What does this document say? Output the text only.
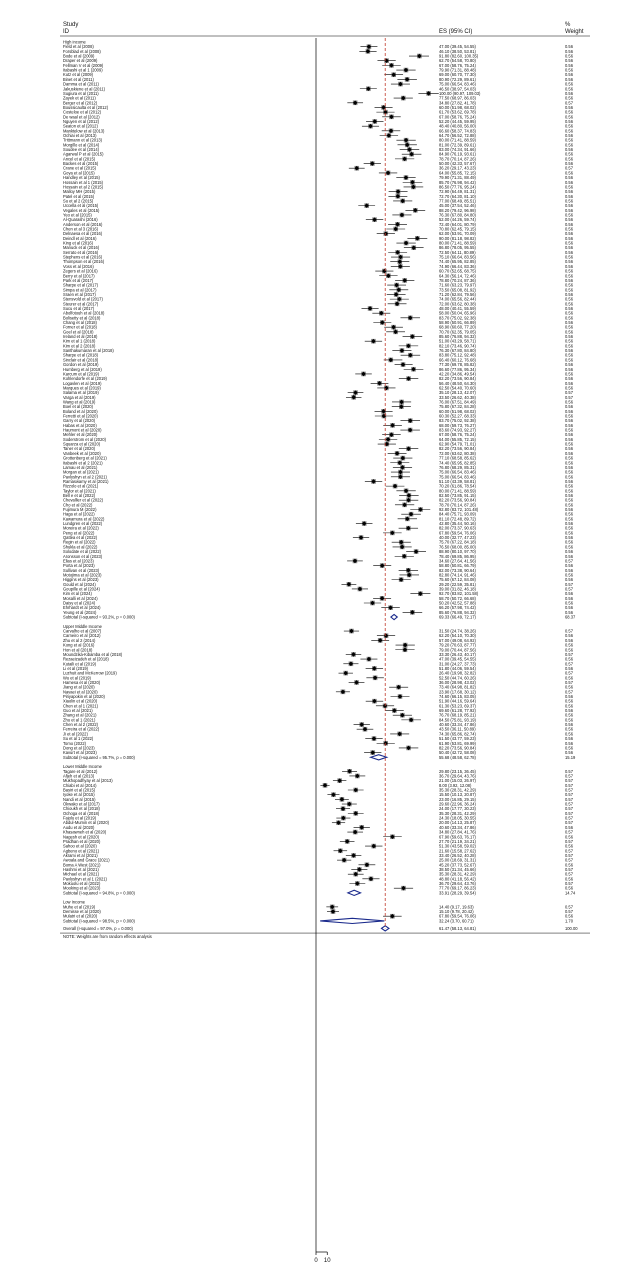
Study
ID	ES (95% CI)
%
Weight
High income
Field et al (2008)	47.00 (39.45, 54.55)	0.56
Forsblad et al (2008)	46.10 (38.50, 53.81)	0.56
Bode et al (2009)	91.80 (82.60, 100.35)	0.56
Draper et al (2009)	62.70 (54.58, 70.80)	0.56
Fellman V et al (2009)	67.00 (58.76, 75.24)	0.56
Itabashi et al 1 (2009)	79.90 (71.31, 88.48)	0.56
Kutz et al (2009)	69.00 (60.70, 77.30)	0.56
Binet et al (2011)	80.90 (72.29, 89.61)	0.56
Damma et al (2011)	75.00 (66.54, 83.46)	0.56
Jakuskiene et al (2011)	46.50 (38.97, 54.03)	0.56
Sugiura et al (2011)	100.00 (90.97, 109.03)	0.56
Zayek et al (2011)	77.50 (68.97, 86.03)	0.56
Berger et al (2012)	34.80 (27.82, 41.78)	0.57
Boussicaulta et al (2012)	60.00 (51.98, 68.02)	0.56
Costeloe et al (2012)	61.70 (53.62, 69.78)	0.56
De waal et al (2012)	67.00 (58.76, 75.24)	0.56
Nguyen et al (2012)	52.20 (44.45, 59.95)	0.56
Seaton et al (2012)	48.40 (40.80, 56.00)	0.56
Manktelow et al (2013)	66.60 (58.37, 74.83)	0.56
Ochiai et al (2013)	64.70 (56.52, 72.88)	0.56
Trittmann et al (2013)	80.00 (71.41, 88.59)	0.56
Morgillo et al (2014)	81.00 (72.39, 89.61)	0.56
Soudee et al (2014)	83.00 (74.34, 91.66)	0.56
Agarwal P et al (2015)	84.90 (76.19, 93.61)	0.56
Ancel et al (2015)	78.70 (70.14, 87.26)	0.56
Backes et al (2015)	50.00 (42.33, 57.67)	0.56
Crane et al (2015)	36.20 (29.17, 43.23)	0.57
Goya et al (2015)	64.00 (55.85, 72.15)	0.56
Handley et al (2015)	79.90 (71.31, 88.49)	0.56
Hossain et al 1 (2015)	85.70 (76.98, 94.42)	0.56
Hossain et al 2 (2015)	86.50 (77.76, 95.24)	0.56
Malloy MH (2015)	72.90 (64.49, 81.31)	0.56
Patel et al (2015)	72.70 (64.30, 81.10)	0.56
Su et al 2 (2015)	77.00 (68.49, 85.51)	0.56
Uccella et al (2015)	45.00 (37.54, 52.46)	0.56
Vegales et al (2015)	88.20 (79.42, 96.98)	0.56
Yeo et al (2015)	76.30 (67.80, 84.80)	0.56
Al-Quarashi (2016)	52.00 (44.26, 59.74)	0.56
Anderson et al (2016)	72.40 (64.01, 80.79)	0.56
Chen et al 3 (2016)	70.80 (62.45, 79.15)	0.56
Delnaesa et al (2016)	62.00 (53.91, 70.09)	0.56
Deindl et al (2016)	90.00 (81.18, 98.82)	0.56
King et al (2016)	80.00 (71.41, 88.59)	0.56
Manuck et al (2016)	86.80 (78.05, 95.55)	0.56
Serrato et al (2016)	72.50 (64.11, 80.89)	0.56
Stephens et al (2016)	75.10 (66.64, 83.56)	0.56
Thompson et al (2016)	74.40 (65.95, 82.85)	0.56
Voss et al (2016)	74.90 (66.44, 83.36)	0.56
Zegers et al (2016)	60.70 (52.65, 68.75)	0.56
Berry et al (2017)	64.30 (56.14, 72.46)	0.56
Park et al (2017)	78.80 (70.24, 87.36)	0.56
Sharpe et al (2017)	71.60 (63.23, 79.97)	0.56
Simpa et al (2017)	73.50 (65.08, 81.92)	0.56
Sraen et al (2017)	71.20 (62.84, 79.56)	0.56
Stensvold et al (2017)	74.00 (65.56, 82.44)	0.56
Steurer et al (2017)	72.00 (63.62, 80.38)	0.56
Sucu et al (2017)	48.00 (40.41, 55.59)	0.56
Abolfotouh et al (2018)	58.00 (50.04, 65.96)	0.56
Bolisetty et al (2018)	83.70 (75.02, 92.38)	0.56
Chang et al (2018)	58.90 (50.91, 66.89)	0.56
Forner et al (2018)	68.90 (60.60, 77.20)	0.56
Goel et al (2018)	70.70 (62.35, 79.05)	0.56
Ireland et al (2018)	85.60 (76.88, 94.32)	0.56
Kim et al 1 (2018)	51.00 (43.29, 58.71)	0.56
Kim et al 2 (2018)	82.10 (73.46, 90.74)	0.56
Santhakumaran et al (2018)	76.30 (67.80, 84.80)	0.56
Sharpe et al (2018)	83.80 (75.12, 92.48)	0.56
Sinclair et al (2018)	66.40 (60.12, 76.68)	0.56
Gordon et al (2019)	77.30 (69.78, 85.82)	0.56
Humberg et al (2019)	86.60 (77.86, 95.34)	0.56
Karcum et al (2019)	42.20 (34.86, 49.54)	0.56
Kohlendorfe et al (2019)	82.20 (73.56, 90.84)	0.56
Logavlen et al (2019)	56.40 (48.50, 64.30)	0.56
Marques et al (2019)	62.50 (54.40, 70.60)	0.56
Salama et al (2019)	35.10 (28.13, 42.07)	0.57
Varga et al (2019)	33.50 (26.62, 40.38)	0.57
Wang et al (2019)	76.00 (67.51, 84.49)	0.56
Boel et al (2020)	75.80 (67.32, 84.28)	0.56
Boland et al (2020)	60.00 (51.98, 68.02)	0.56
Ferretti et al (2020)	60.30 (52.27, 68.33)	0.56
Garry et al (2020)	83.70 (75.02, 92.38)	0.56
Habas et al (2020)	68.00 (59.73, 76.27)	0.56
Haumont et al (2020)	83.60 (74.93, 92.27)	0.56
Mehler et al (2020)	67.00 (58.76, 75.24)	0.56
Soderstrom et al (2020)	64.00 (55.85, 72.15)	0.56
Squarza et al (2020)	62.90 (54.79, 71.01)	0.56
Taner et al (2020)	82.20 (73.56, 90.84)	0.56
Vanbeek et al (2020)	72.00 (63.62, 80.38)	0.56
Grottenberg et al (2021)	77.10 (68.58, 85.62)	0.56
Itabashi et al 2 (2021)	74.40 (65.95, 82.85)	0.56
Lamau et al (2021)	76.80 (68.29, 85.31)	0.56
Morgan et al (2021)	75.00 (66.54, 83.46)	0.56
Pavlyshyn et al 2 (2021)	75.00 (66.54, 83.46)	0.56
Ramaswamy et al (2021)	51.10 (43.39, 58.81)	0.56
Rizzolo et al (2021)	70.20 (61.86, 78.54)	0.56
Taylor et al (2021)	80.00 (71.41, 88.59)	0.56
Bell e et al (2022)	82.50 (73.85, 91.15)	0.56
Chevallier et al (2022)	82.20 (73.56, 90.84)	0.56
Cho et al (2022)	78.70 (70.14, 87.26)	0.56
Fujimura M (2022)	92.80 (83.72, 101.48)	0.56
Haga et al (2022)	84.40 (75.71, 93.09)	0.56
Kawamura et al (2022)	81.10 (72.48, 89.72)	0.56
Lundgren et al (2022)	42.80 (35.44, 50.16)	0.56
Moreira et al (2022)	82.00 (73.37, 90.63)	0.56
Peng et al (2022)	67.80 (59.54, 76.06)	0.56
Qattea et al (2022)	40.00 (32.77, 47.23)	0.56
Regin et al (2022)	75.70 (67.22, 84.18)	0.56
Shukla et al (2022)	76.50 (68.00, 85.00)	0.56
Solodate et al (2022)	88.90 (80.10, 97.70)	0.56
Aronsson et al (2023)	78.40 (69.85, 86.95)	0.56
Elias et al (2023)	34.60 (27.64, 41.56)	0.57
Porta et al (2023)	58.80 (50.81, 66.79)	0.56
Sullivan et al (2023)	82.00 (73.38, 90.64)	0.56
Motojima et al (2023)	82.80 (74.14, 91.46)	0.56
Higgins et al (2023)	75.60 (67.12, 84.08)	0.56
Gould et al (2024)	29.20 (22.59, 35.81)	0.57
Goupille et al (2024)	39.00 (31.82, 46.18)	0.57
Kim et al (2024)	92.70 (83.82, 101.58)	0.56
Mosalli et al (2024)	58.70 (50.72, 66.68)	0.56
Daisy et al (2024)	50.20 (42.52, 57.88)	0.56
Ehrhardt et al (2024)	66.20 (57.98, 74.42)	0.56
Yeung et al (2024)	85.60 (76.88, 94.32)	0.56
Subtotal (I-squared = 93.2%, p = 0.000)	69.33 (66.49, 72.17)	68.37
Upper Middle Income
Carvalho et al (2007)	31.50 (24.74, 38.26)	0.57
Carneiro et al (2012)	62.20 (54.10, 70.30)	0.56
Zhu et al 2 (2014)	57.00 (49.08, 64.92)	0.56
Kong et al (2016)	79.20 (70.63, 87.77)	0.56
Hon et al (2018)	79.00 (70.44, 87.56)	0.56
Moundzika-Kibamba et al (2018)	33.30 (26.43, 40.17)	0.57
Rezaeizadeh et al (2018)	47.00 (39.45, 54.55)	0.56
Kutaili et al (2019)	31.00 (24.27, 37.73)	0.57
Li et al (2019)	51.80 (44.06, 59.54)	0.56
Luzhuit and McKerrow (2019)	26.40 (19.98, 32.82)	0.57
Wu et al (2019)	52.50 (44.74, 60.26)	0.56
Hamesa et al (2020)	36.00 (28.98, 43.02)	0.57
Jiang et al (2020)	73.40 (64.98, 81.82)	0.56
Navaei et al (2020)	23.90 (17.68, 30.12)	0.57
Piriyapokin et al (2020)	74.60 (66.15, 83.05)	0.56
Xiaolin et al (2020)	51.90 (44.16, 59.64)	0.56
Chen et al 1 (2021)	61.30 (53.23, 69.37)	0.56
Guo et al (2021)	69.60 (61.28, 77.92)	0.56
Zhang et al (2021)	76.70 (68.19, 85.21)	0.56
Zhu et al 1 (2021)	84.50 (75.81, 93.19)	0.56
Chen et al 2 (2022)	40.60 (33.34, 47.86)	0.56
Ferreira et al (2022)	43.50 (36.11, 50.89)	0.56
Ji et al (2022)	74.30 (65.86, 82.74)	0.56
Su et al 1 (2022)	51.50 (43.77, 59.23)	0.56
Tomo (2022)	61.90 (53.81, 69.99)	0.56
Dong et al (2023)	82.20 (73.56, 90.84)	0.56
Kavurt et al (2023)	50.40 (42.72, 58.08)	0.56
Subtotal (I-squared = 95.7%, p = 0.000)	55.68 (48.58, 62.78)	15.19
Lower Middle Income
Tagare et al (2012)	29.80 (23.15, 36.45)	0.57
Afjeh et al (2013)	36.70 (29.64, 43.76)	0.57
Mukhopadhyay et al (2013)	21.00 (15.03, 26.97)	0.57
Chiabi et al (2014)	8.00 (3.92, 12.08)	0.57
Basiri et al (2015)	35.30 (28.31, 42.29)	0.57
Iyoke et al (2015)	15.50 (10.13, 20.87)	0.57
Nandi et al (2015)	23.00 (16.85, 29.15)	0.57
Okwako et al (2017)	29.60 (22.96, 36.24)	0.57
Chioukh et al (2018)	24.00 (17.77, 30.23)	0.57
Ochoga et al (2018)	35.30 (28.31, 42.29)	0.57
Fajolu et al (2019)	24.30 (18.05, 30.55)	0.57
Abdul-Mumin et al (2020)	20.00 (14.13, 25.87)	0.57
Audu et al (2020)	40.60 (33.34, 47.86)	0.56
Khasawneh et al (2020)	34.80 (27.84, 41.76)	0.57
Nagesh et al (2020)	67.90 (59.63, 76.17)	0.56
Pradhan et al (2020)	27.70 (21.19, 34.21)	0.57
Sahoo et al (2020)	51.30 (43.58, 59.02)	0.56
Agbeno et al (2021)	21.60 (15.58, 27.62)	0.57
Akrami et al (2021)	33.40 (26.52, 40.28)	0.57
Awoala and Grace (2021)	25.00 (18.69, 31.31)	0.57
Boma A West (2021)	45.20 (37.73, 52.67)	0.56
Hashmi et al (2021)	38.50 (31.34, 45.66)	0.57
Michael et al (2021)	35.30 (28.31, 42.29)	0.57
Pavlyshyn et al 1 (2021)	48.80 (41.18, 56.42)	0.56
Mokuolu et al (2022)	36.70 (29.64, 43.76)	0.57
Mooking et al (2023)	77.70 (69.17, 86.23)	0.56
Subtotal (I-squared = 94.8%, p = 0.000)	33.91 (28.29, 39.54)	14.74
Low Income
Muhe et al (2019)	14.40 (9.17, 19.63)	0.57
Demisse et al (2020)	15.10 (9.78, 20.42)	0.57
Mulatri et al (2020)	67.80 (59.54, 76.06)	0.56
Subtotal (I-squared = 98.5%, p = 0.000)	32.24 (3.70, 60.71)	1.70
Overall (I-squared = 97.0%, p = 0.000)	61.47 (58.13, 64.81)	100.00
NOTE: Weights are from random effects analysis
0 10
